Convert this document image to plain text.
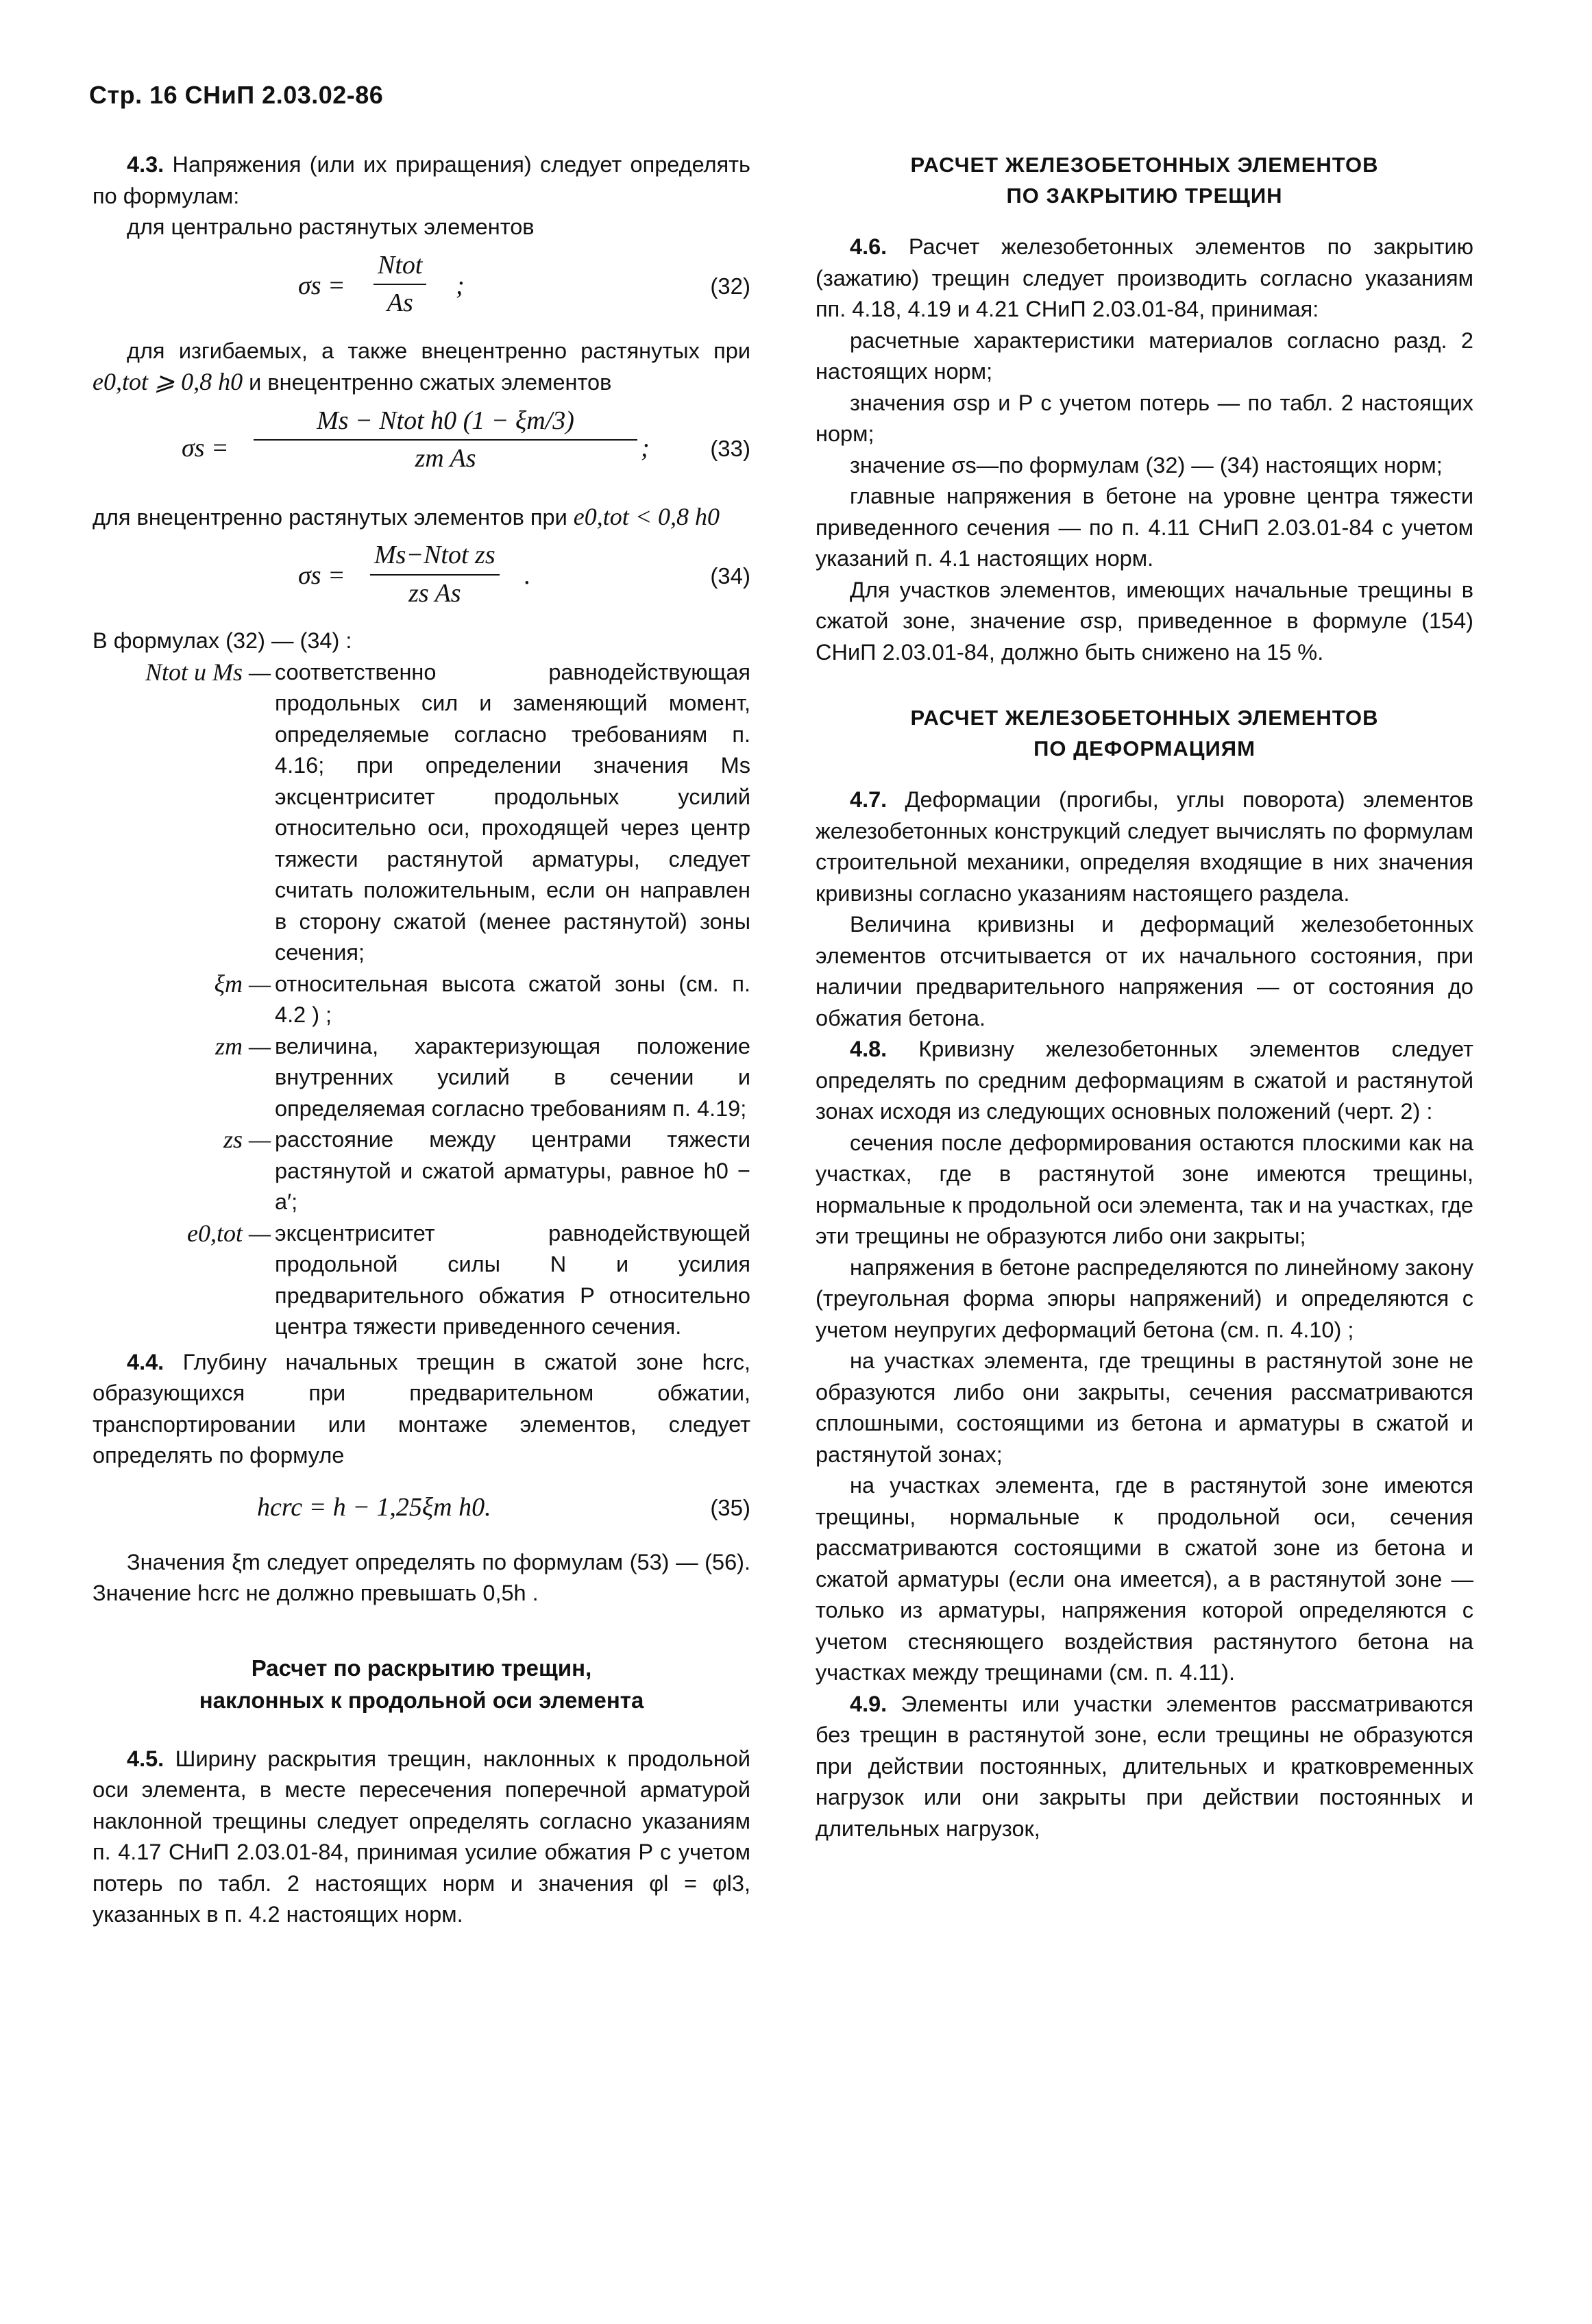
Стр. 16 СНиП 2.03.02-86

4.3. Напряжения (или их приращения) следует определять по формулам:

для центрально растянутых элементов

σs =
Ntot
As
;	(32)

для изгибаемых, а также внецентренно растянутых при e0,tot ⩾ 0,8 h0 и внецентренно сжатых элементов

σs =
Ms − Ntot h0 (1 − ξm/3)
zm As	;	(33)

для внецентренно растянутых элементов при e0,tot < 0,8 h0

σs =
Ms−Ntot zs
zs As
.	(34)

В формулах (32) — (34) :

Ntot и Ms — соответственно равнодействующая продольных сил и заменяющий момент, определяемые согласно требованиям п. 4.16; при определении значения Ms эксцентриситет продольных усилий относительно оси, проходящей через центр тяжести растянутой арматуры, следует считать положительным, если он направлен в сторону сжатой (менее растянутой) зоны сечения;
ξm — относительная высота сжатой зоны (см. п. 4.2 ) ;
zm — величина, характеризующая положение внутренних усилий в сечении и определяемая согласно требованиям п. 4.19;
zs — расстояние между центрами тяжести растянутой и сжатой арматуры, равное h0 − a′;
e0,tot — эксцентриситет равнодействующей продольной силы N и усилия предварительного обжатия P относительно центра тяжести приведенного сечения.

4.4. Глубину начальных трещин в сжатой зоне hcrc, образующихся при предварительном обжатии, транспортировании или монтаже элементов, следует определять по формуле

hcrc = h − 1,25ξm h0.	(35)

Значения ξm следует определять по формулам (53) — (56). Значение hcrc не должно превышать 0,5h .

Расчет по раскрытию трещин,
наклонных к продольной оси элемента

4.5. Ширину раскрытия трещин, наклонных к продольной оси элемента, в месте пересечения поперечной арматурой наклонной трещины следует определять согласно указаниям п. 4.17 СНиП 2.03.01-84, принимая усилие обжатия P с учетом потерь по табл. 2 настоящих норм и значения φl = φl3, указанных в п. 4.2 настоящих норм.

РАСЧЕТ ЖЕЛЕЗОБЕТОННЫХ ЭЛЕМЕНТОВ
ПО ЗАКРЫТИЮ ТРЕЩИН

4.6. Расчет железобетонных элементов по закрытию (зажатию) трещин следует производить согласно указаниям пп. 4.18, 4.19 и 4.21 СНиП 2.03.01-84, принимая:

расчетные характеристики материалов согласно разд. 2 настоящих норм;

значения σsp и P с учетом потерь — по табл. 2 настоящих норм;

значение σs—по формулам (32) — (34) настоящих норм;

главные напряжения в бетоне на уровне центра тяжести приведенного сечения — по п. 4.11 СНиП 2.03.01-84 с учетом указаний п. 4.1 настоящих норм.

Для участков элементов, имеющих начальные трещины в сжатой зоне, значение σsp, приведенное в формуле (154) СНиП 2.03.01-84, должно быть снижено на 15 %.

РАСЧЕТ ЖЕЛЕЗОБЕТОННЫХ ЭЛЕМЕНТОВ
ПО ДЕФОРМАЦИЯМ

4.7. Деформации (прогибы, углы поворота) элементов железобетонных конструкций следует вычислять по формулам строительной механики, определяя входящие в них значения кривизны согласно указаниям настоящего раздела.

Величина кривизны и деформаций железобетонных элементов отсчитывается от их начального состояния, при наличии предварительного напряжения — от состояния до обжатия бетона.

4.8. Кривизну железобетонных элементов следует определять по средним деформациям в сжатой и растянутой зонах исходя из следующих основных положений (черт. 2) :

сечения после деформирования остаются плоскими как на участках, где в растянутой зоне имеются трещины, нормальные к продольной оси элемента, так и на участках, где эти трещины не образуются либо они закрыты;

напряжения в бетоне распределяются по линейному закону (треугольная форма эпюры напряжений) и определяются с учетом неупругих деформаций бетона (см. п. 4.10) ;

на участках элемента, где трещины в растянутой зоне не образуются либо они закрыты, сечения рассматриваются сплошными, состоящими из бетона и арматуры в сжатой и растянутой зонах;

на участках элемента, где в растянутой зоне имеются трещины, нормальные к продольной оси, сечения рассматриваются состоящими в сжатой зоне из бетона и сжатой арматуры (если она имеется), а в растянутой зоне — только из арматуры, напряжения которой определяются с учетом стесняющего воздействия растянутого бетона на участках между трещинами (см. п. 4.11).

4.9. Элементы или участки элементов рассматриваются без трещин в растянутой зоне, если трещины не образуются при действии постоянных, длительных и кратковременных нагрузок или они закрыты при действии постоянных и длительных нагрузок,
